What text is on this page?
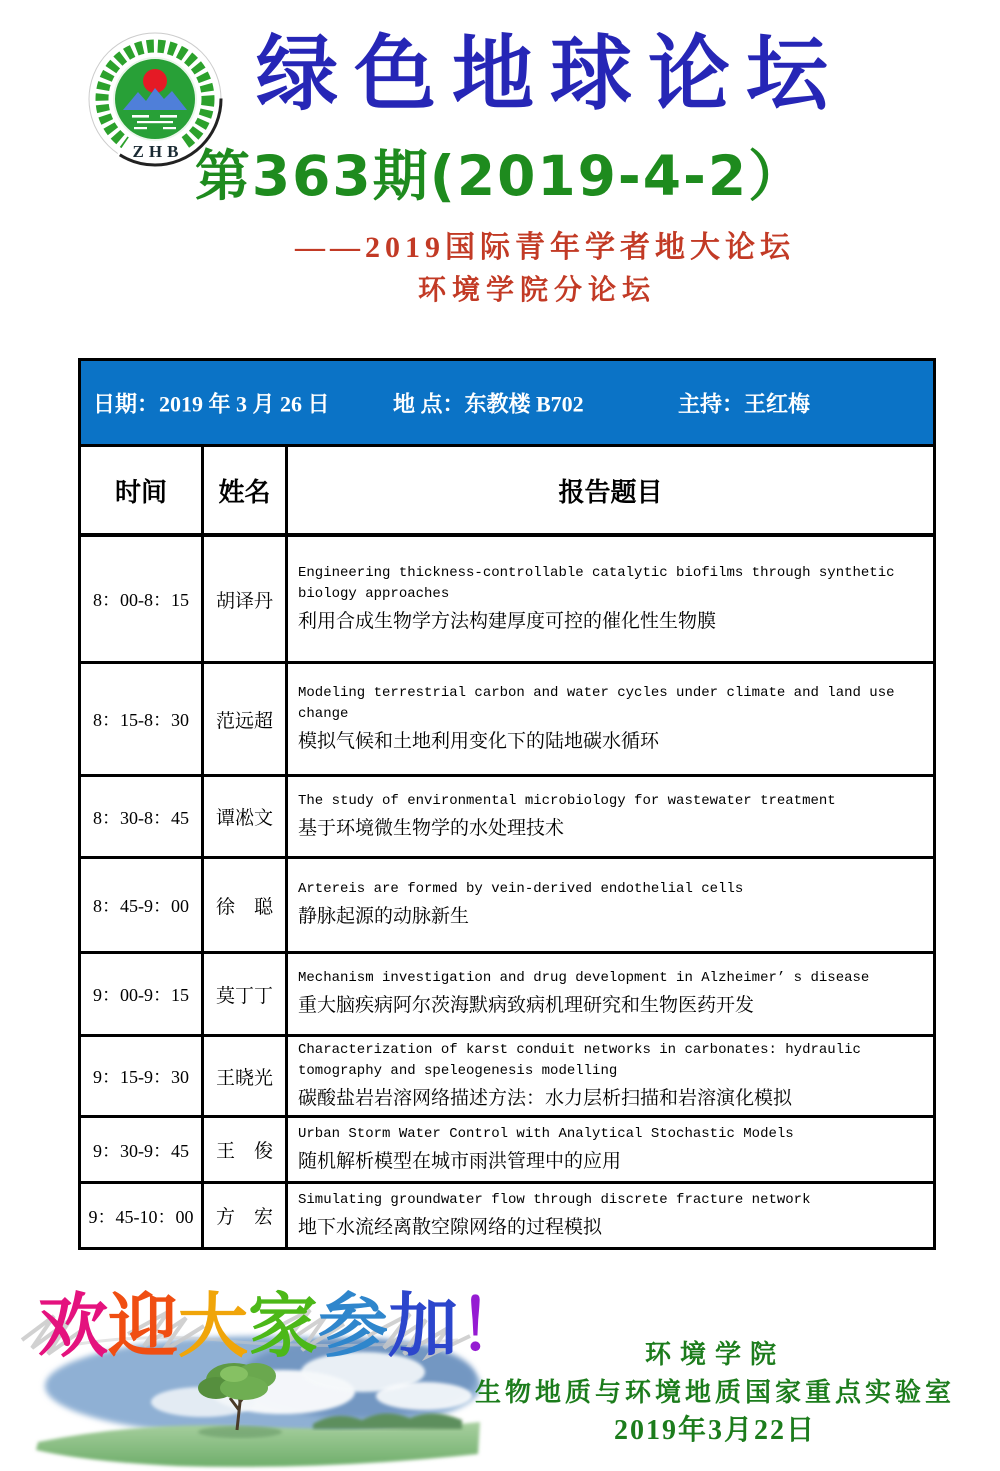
ZHB
绿色地球论坛
第363期(2019-4-2）
——2019国际青年学者地大论坛
环境学院分论坛
日期：2019 年 3 月 26 日	地 点：东教楼 B702	主持：王红梅
时间	姓名	报告题目
8：00-8：15	胡译丹
Engineering thickness-controllable catalytic biofilms through synthetic biology approaches
利用合成生物学方法构建厚度可控的催化性生物膜
8：15-8：30	范远超
Modeling terrestrial carbon and water cycles under climate and land use change
模拟气候和土地利用变化下的陆地碳水循环
8：30-8：45	谭凇文
The study of environmental microbiology for wastewater treatment
基于环境微生物学的水处理技术
8：45-9：00	徐　聪
Artereis are formed by vein-derived endothelial cells
静脉起源的动脉新生
9：00-9：15	莫丁丁
Mechanism investigation and drug development in Alzheimer’ s disease
重大脑疾病阿尔茨海默病致病机理研究和生物医药开发
9：15-9：30	王晓光
Characterization of karst conduit networks in carbonates: hydraulic tomography and speleogenesis modelling
碳酸盐岩岩溶网络描述方法：水力层析扫描和岩溶演化模拟
9：30-9：45	王　俊
Urban Storm Water Control with Analytical Stochastic Models
随机解析模型在城市雨洪管理中的应用
9：45-10：00	方　宏
Simulating groundwater flow through discrete fracture network
地下水流经离散空隙网络的过程模拟
欢迎大家参加！	环境学院
生物地质与环境地质国家重点实验室
2019年3月22日
